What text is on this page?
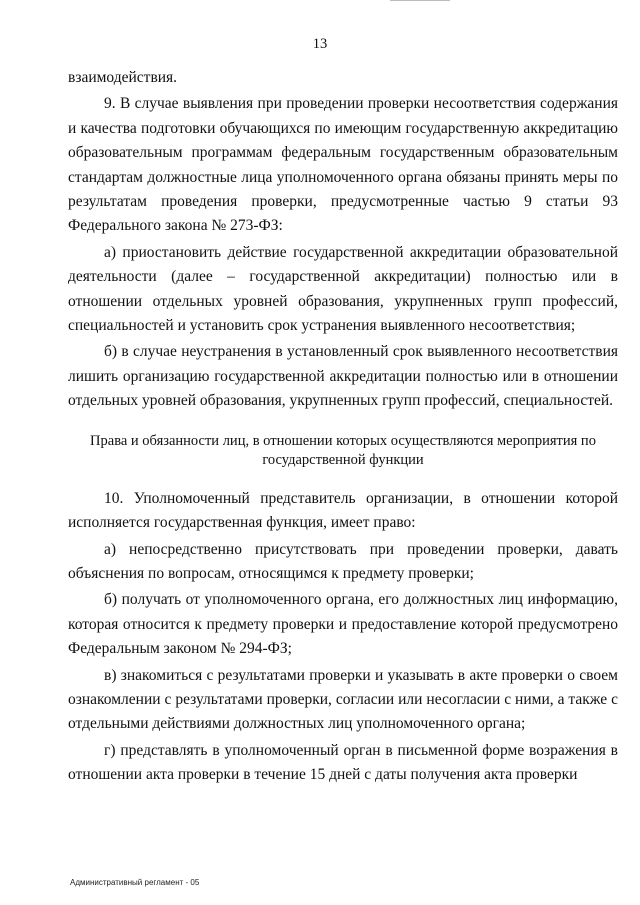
13

взаимодействия.

9. В случае выявления при проведении проверки несоответствия содержания и качества подготовки обучающихся по имеющим государственную аккредитацию образовательным программам федеральным государственным образовательным стандартам должностные лица уполномоченного органа обязаны принять меры по результатам проведения проверки, предусмотренные частью 9 статьи 93 Федерального закона № 273-ФЗ:

а) приостановить действие государственной аккредитации образовательной деятельности (далее – государственной аккредитации) полностью или в отношении отдельных уровней образования, укрупненных групп профессий, специальностей и установить срок устранения выявленного несоответствия;

б) в случае неустранения в установленный срок выявленного несоответствия лишить организацию государственной аккредитации полностью или в отношении отдельных уровней образования, укрупненных групп профессий, специальностей.

Права и обязанности лиц, в отношении которых осуществляются мероприятия по государственной функции

10. Уполномоченный представитель организации, в отношении которой исполняется государственная функция, имеет право:

а) непосредственно присутствовать при проведении проверки, давать объяснения по вопросам, относящимся к предмету проверки;

б) получать от уполномоченного органа, его должностных лиц информацию, которая относится к предмету проверки и предоставление которой предусмотрено Федеральным законом № 294-ФЗ;

в) знакомиться с результатами проверки и указывать в акте проверки о своем ознакомлении с результатами проверки, согласии или несогласии с ними, а также с отдельными действиями должностных лиц уполномоченного органа;

г) представлять в уполномоченный орган в письменной форме возражения в отношении акта проверки в течение 15 дней с даты получения акта проверки

Административный регламент - 05
